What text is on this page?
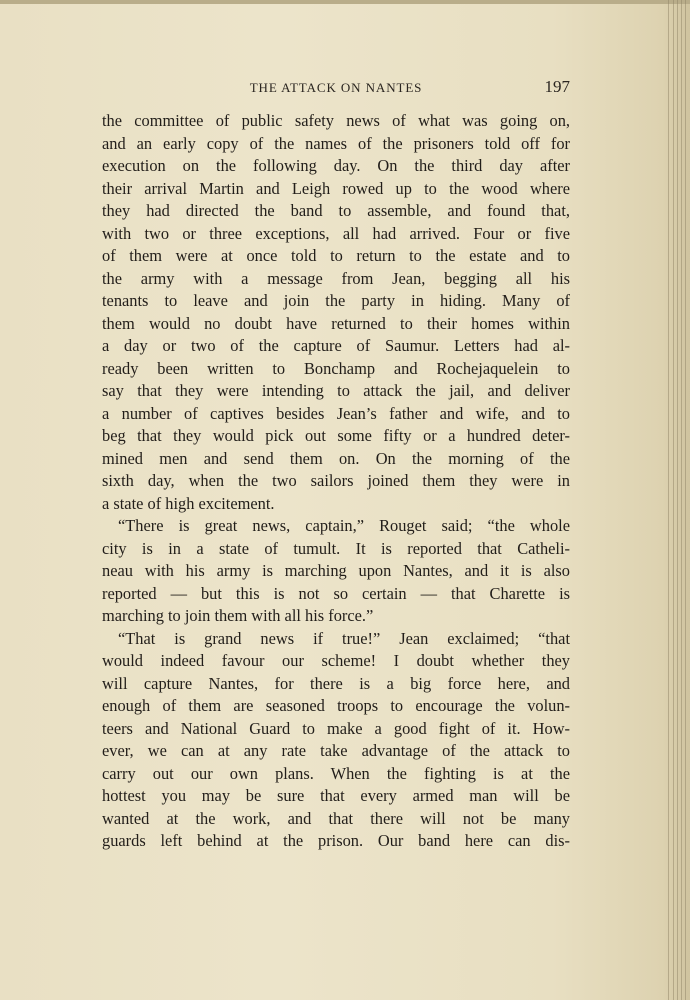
THE ATTACK ON NANTES	197
the committee of public safety news of what was going on,
and an early copy of the names of the prisoners told off for
execution on the following day. On the third day after
their arrival Martin and Leigh rowed up to the wood where
they had directed the band to assemble, and found that,
with two or three exceptions, all had arrived. Four or five
of them were at once told to return to the estate and to
the army with a message from Jean, begging all his
tenants to leave and join the party in hiding. Many of
them would no doubt have returned to their homes within
a day or two of the capture of Saumur. Letters had al-
ready been written to Bonchamp and Rochejaquelein to
say that they were intending to attack the jail, and deliver
a number of captives besides Jean’s father and wife, and to
beg that they would pick out some fifty or a hundred deter-
mined men and send them on. On the morning of the
sixth day, when the two sailors joined them they were in
a state of high excitement.
“There is great news, captain,” Rouget said; “the whole
city is in a state of tumult. It is reported that Catheli-
neau with his army is marching upon Nantes, and it is also
reported — but this is not so certain — that Charette is
marching to join them with all his force.”
“That is grand news if true!” Jean exclaimed; “that
would indeed favour our scheme! I doubt whether they
will capture Nantes, for there is a big force here, and
enough of them are seasoned troops to encourage the volun-
teers and National Guard to make a good fight of it. How-
ever, we can at any rate take advantage of the attack to
carry out our own plans. When the fighting is at the
hottest you may be sure that every armed man will be
wanted at the work, and that there will not be many
guards left behind at the prison. Our band here can dis-
